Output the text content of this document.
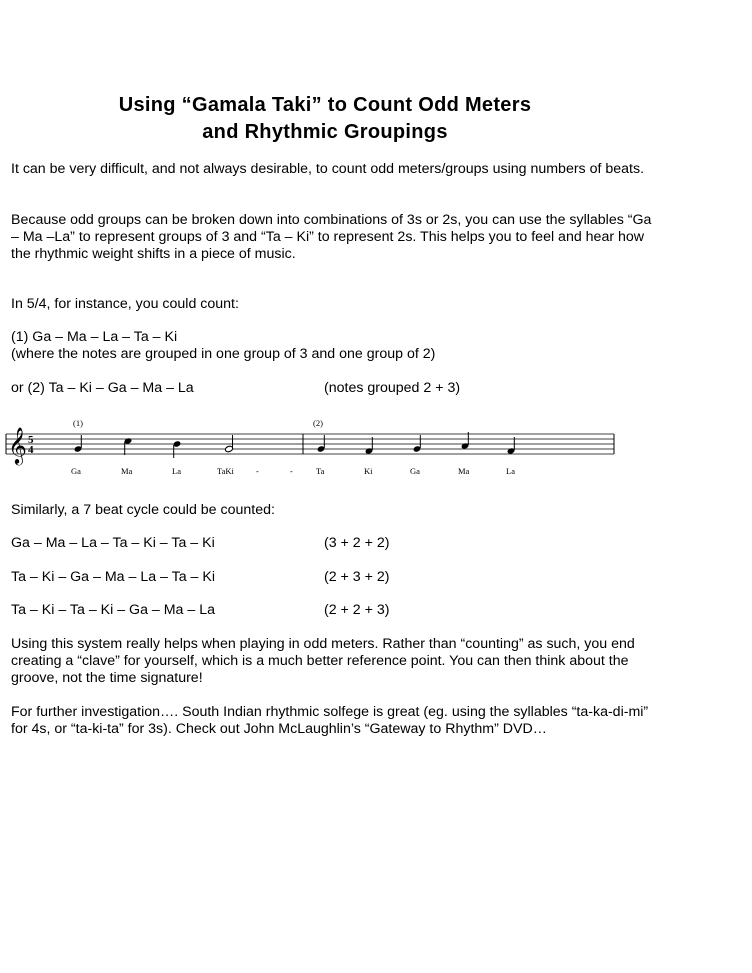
Using “Gamala Taki” to Count Odd Meters
and Rhythmic Groupings
It can be very difficult, and not always desirable, to count odd meters/groups using numbers of beats.
Because odd groups can be broken down into combinations of 3s or 2s, you can use the syllables “Ga – Ma –La” to represent groups of 3 and “Ta – Ki” to represent 2s. This helps you to feel and hear how the rhythmic weight shifts in a piece of music.
In 5/4, for instance, you could count:
(1) Ga – Ma – La – Ta – Ki
(where the notes are grouped in one group of 3 and one group of 2)
or (2) Ta – Ki – Ga – Ma – La	(notes grouped 2 + 3)
(1)	(2)
𝄞 5
4
Ga	Ma	La	TaKi	-	-	Ta	Ki	Ga	Ma	La
Similarly, a 7 beat cycle could be counted:
Ga – Ma – La – Ta – Ki – Ta – Ki	(3 + 2 + 2)
Ta – Ki – Ga – Ma – La – Ta – Ki	(2 + 3 + 2)
Ta – Ki – Ta – Ki – Ga – Ma – La	(2 + 2 + 3)
Using this system really helps when playing in odd meters. Rather than “counting” as such, you end creating a “clave” for yourself, which is a much better reference point. You can then think about the groove, not the time signature!
For further investigation…. South Indian rhythmic solfege is great (eg. using the syllables “ta-ka-di-mi” for 4s, or “ta-ki-ta” for 3s). Check out John McLaughlin’s “Gateway to Rhythm” DVD…
